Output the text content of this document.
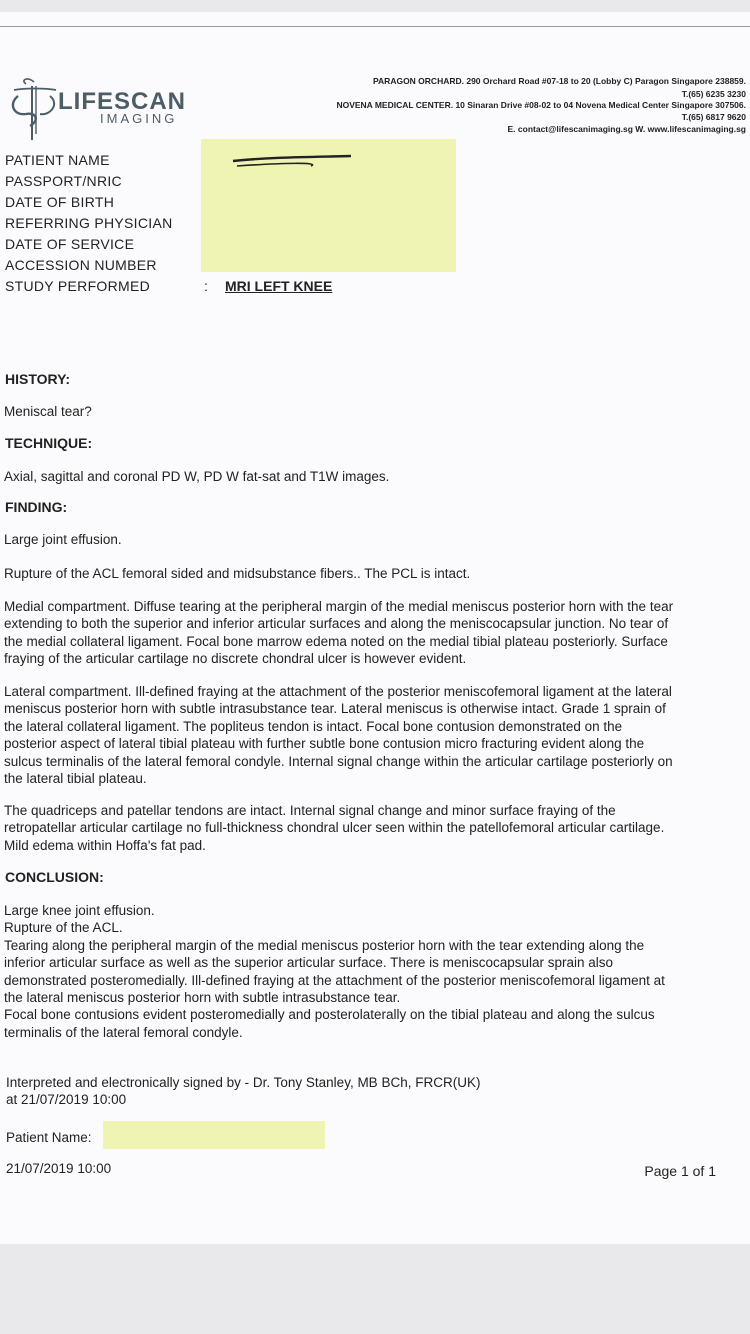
LIFESCAN
IMAGING
PARAGON ORCHARD. 290 Orchard Road #07-18 to 20 (Lobby C) Paragon Singapore 238859.
T.(65) 6235 3230
NOVENA MEDICAL CENTER. 10 Sinaran Drive #08-02 to 04 Novena Medical Center Singapore 307506.
T.(65) 6817 9620
E. contact@lifescanimaging.sg W. www.lifescanimaging.sg
PATIENT NAME
PASSPORT/NRIC
DATE OF BIRTH
REFERRING PHYSICIAN
DATE OF SERVICE
ACCESSION NUMBER
STUDY PERFORMED	: MRI LEFT KNEE
HISTORY:
Meniscal tear?
TECHNIQUE:
Axial, sagittal and coronal PD W, PD W fat-sat and T1W images.
FINDING:
Large joint effusion.
Rupture of the ACL femoral sided and midsubstance fibers.. The PCL is intact.
Medial compartment. Diffuse tearing at the peripheral margin of the medial meniscus posterior horn with the tear
extending to both the superior and inferior articular surfaces and along the meniscocapsular junction. No tear of
the medial collateral ligament. Focal bone marrow edema noted on the medial tibial plateau posteriorly. Surface
fraying of the articular cartilage no discrete chondral ulcer is however evident.
Lateral compartment. Ill-defined fraying at the attachment of the posterior meniscofemoral ligament at the lateral
meniscus posterior horn with subtle intrasubstance tear. Lateral meniscus is otherwise intact. Grade 1 sprain of
the lateral collateral ligament. The popliteus tendon is intact. Focal bone contusion demonstrated on the
posterior aspect of lateral tibial plateau with further subtle bone contusion micro fracturing evident along the
sulcus terminalis of the lateral femoral condyle. Internal signal change within the articular cartilage posteriorly on
the lateral tibial plateau.
The quadriceps and patellar tendons are intact. Internal signal change and minor surface fraying of the
retropatellar articular cartilage no full-thickness chondral ulcer seen within the patellofemoral articular cartilage.
Mild edema within Hoffa's fat pad.
CONCLUSION:
Large knee joint effusion.
Rupture of the ACL.
Tearing along the peripheral margin of the medial meniscus posterior horn with the tear extending along the
inferior articular surface as well as the superior articular surface. There is meniscocapsular sprain also
demonstrated posteromedially. Ill-defined fraying at the attachment of the posterior meniscofemoral ligament at
the lateral meniscus posterior horn with subtle intrasubstance tear.
Focal bone contusions evident posteromedially and posterolaterally on the tibial plateau and along the sulcus
terminalis of the lateral femoral condyle.
Interpreted and electronically signed by - Dr. Tony Stanley, MB BCh, FRCR(UK)
at 21/07/2019 10:00
Patient Name:
21/07/2019 10:00	Page 1 of 1
